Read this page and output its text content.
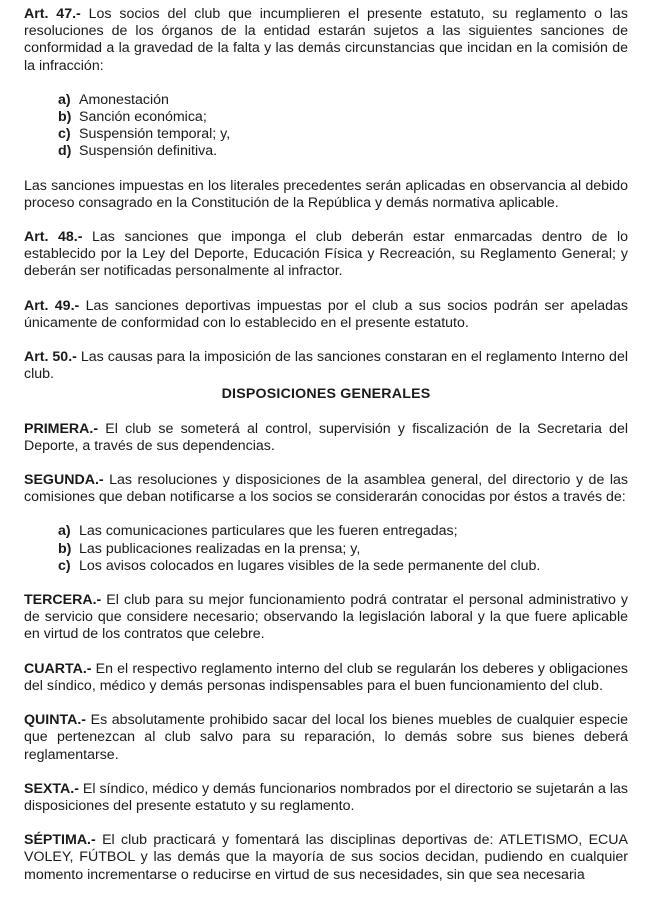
Art. 47.- Los socios del club que incumplieren el presente estatuto, su reglamento o las resoluciones de los órganos de la entidad estarán sujetos a las siguientes sanciones de conformidad a la gravedad de la falta y las demás circunstancias que incidan en la comisión de la infracción:

a) Amonestación
b) Sanción económica;
c) Suspensión temporal; y,
d) Suspensión definitiva.

Las sanciones impuestas en los literales precedentes serán aplicadas en observancia al debido proceso consagrado en la Constitución de la República y demás normativa aplicable.

Art. 48.- Las sanciones que imponga el club deberán estar enmarcadas dentro de lo establecido por la Ley del Deporte, Educación Física y Recreación, su Reglamento General; y deberán ser notificadas personalmente al infractor.

Art. 49.- Las sanciones deportivas impuestas por el club a sus socios podrán ser apeladas únicamente de conformidad con lo establecido en el presente estatuto.

Art. 50.- Las causas para la imposición de las sanciones constaran en el reglamento Interno del club.

DISPOSICIONES GENERALES

PRIMERA.- El club se someterá al control, supervisión y fiscalización de la Secretaria del Deporte, a través de sus dependencias.

SEGUNDA.- Las resoluciones y disposiciones de la asamblea general, del directorio y de las comisiones que deban notificarse a los socios se considerarán conocidas por éstos a través de:

a) Las comunicaciones particulares que les fueren entregadas;
b) Las publicaciones realizadas en la prensa; y,
c) Los avisos colocados en lugares visibles de la sede permanente del club.

TERCERA.- El club para su mejor funcionamiento podrá contratar el personal administrativo y de servicio que considere necesario; observando la legislación laboral y la que fuere aplicable en virtud de los contratos que celebre.

CUARTA.- En el respectivo reglamento interno del club se regularán los deberes y obligaciones del síndico, médico y demás personas indispensables para el buen funcionamiento del club.

QUINTA.- Es absolutamente prohibido sacar del local los bienes muebles de cualquier especie que pertenezcan al club salvo para su reparación, lo demás sobre sus bienes deberá reglamentarse.

SEXTA.- El síndico, médico y demás funcionarios nombrados por el directorio se sujetarán a las disposiciones del presente estatuto y su reglamento.

SÉPTIMA.- El club practicará y fomentará las disciplinas deportivas de: ATLETISMO, ECUA VOLEY, FÚTBOL y las demás que la mayoría de sus socios decidan, pudiendo en cualquier momento incrementarse o reducirse en virtud de sus necesidades, sin que sea necesaria
